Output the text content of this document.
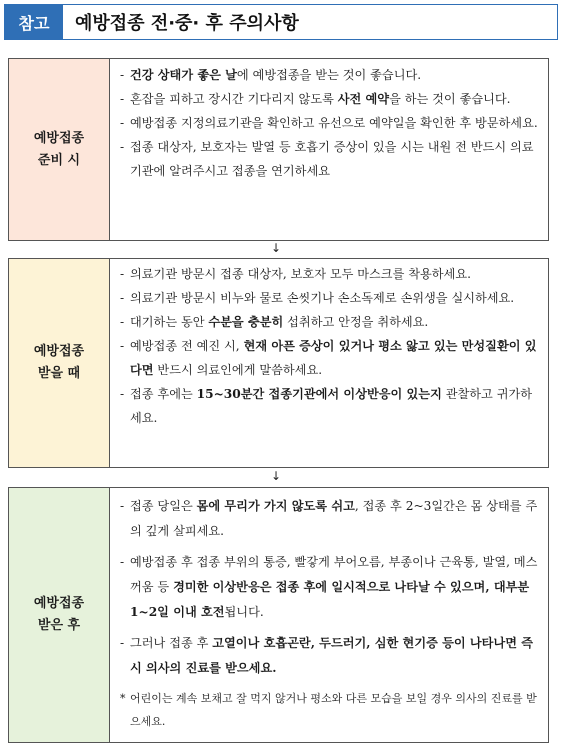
참고	예방접종 전·중· 후 주의사항
예방접종
준비 시
- 건강 상태가 좋은 날에 예방접종을 받는 것이 좋습니다.
- 혼잡을 피하고 장시간 기다리지 않도록 사전 예약을 하는 것이 좋습니다.
- 예방접종 지정의료기관을 확인하고 유선으로 예약일을 확인한 후 방문하세요.
- 접종 대상자, 보호자는 발열 등 호흡기 증상이 있을 시는 내원 전 반드시 의료기관에 알려주시고 접종을 연기하세요
↓
예방접종
받을 때
- 의료기관 방문시 접종 대상자, 보호자 모두 마스크를 착용하세요.
- 의료기관 방문시 비누와 물로 손씻기나 손소독제로 손위생을 실시하세요.
- 대기하는 동안 수분을 충분히 섭취하고 안정을 취하세요.
- 예방접종 전 예진 시, 현재 아픈 증상이 있거나 평소 앓고 있는 만성질환이 있다면 반드시 의료인에게 말씀하세요.
- 접종 후에는 15~30분간 접종기관에서 이상반응이 있는지 관찰하고 귀가하세요.
↓
예방접종
받은 후
- 접종 당일은 몸에 무리가 가지 않도록 쉬고, 접종 후 2~3일간은 몸 상태를 주의 깊게 살피세요.
- 예방접종 후 접종 부위의 통증, 빨갛게 부어오름, 부종이나 근육통, 발열, 메스꺼움 등 경미한 이상반응은 접종 후에 일시적으로 나타날 수 있으며, 대부분 1~2일 이내 호전됩니다.
- 그러나 접종 후 고열이나 호흡곤란, 두드러기, 심한 현기증 등이 나타나면 즉시 의사의 진료를 받으세요.
* 어린이는 계속 보채고 잘 먹지 않거나 평소와 다른 모습을 보일 경우 의사의 진료를 받으세요.
